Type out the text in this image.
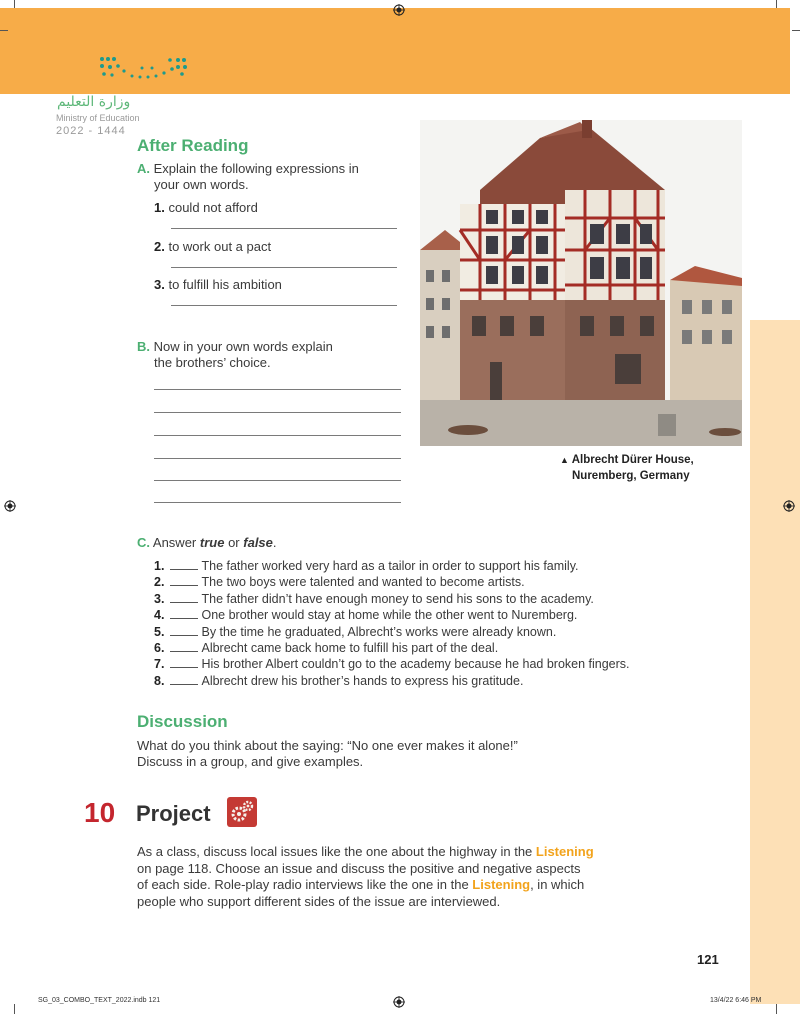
وزارة التعليم
Ministry of Education
2022 - 1444
After Reading
A. Explain the following expressions in
your own words.
1. could not afford
2. to work out a pact
3. to fulfill his ambition
B. Now in your own words explain
the brothers’ choice.
▲ Albrecht Dürer House,
Nuremberg, Germany
C. Answer true or false.
1.	The father worked very hard as a tailor in order to support his family.
2.	The two boys were talented and wanted to become artists.
3.	The father didn’t have enough money to send his sons to the academy.
4.	One brother would stay at home while the other went to Nuremberg.
5.	By the time he graduated, Albrecht’s works were already known.
6.	Albrecht came back home to fulfill his part of the deal.
7.	His brother Albert couldn’t go to the academy because he had broken fingers.
8.	Albrecht drew his brother’s hands to express his gratitude.
Discussion
What do you think about the saying: “No one ever makes it alone!”
Discuss in a group, and give examples.
10 Project
As a class, discuss local issues like the one about the highway in the Listening
on page 118. Choose an issue and discuss the positive and negative aspects
of each side. Role-play radio interviews like the one in the Listening, in which
people who support different sides of the issue are interviewed.
121
SG_03_COMBO_TEXT_2022.indb 121	13/4/22 6:46 PM
